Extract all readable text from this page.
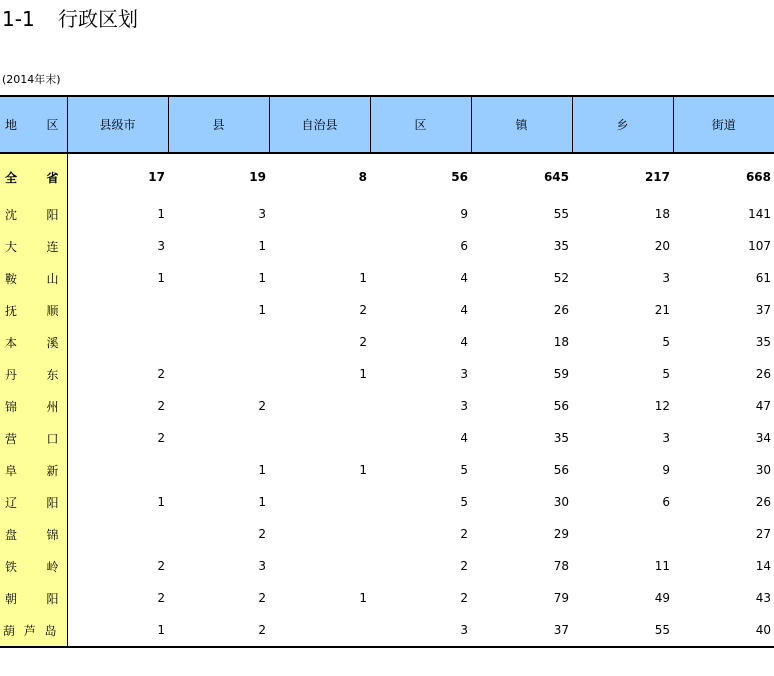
1-1 行政区划
(2014年末)
地 区	县级市	县	自治县	区	镇	乡	街道

全 省	17	19	8	56	645	217	668

沈 阳	1	3		9	55	18	141

大 连	3	1		6	35	20	107

鞍 山	1	1	1	4	52	3	61

抚 顺		1	2	4	26	21	37

本 溪			2	4	18	5	35

丹 东	2		1	3	59	5	26

锦 州	2	2		3	56	12	47

营 口	2			4	35	3	34

阜 新		1	1	5	56	9	30

辽 阳	1	1		5	30	6	26

盘 锦		2		2	29		27

铁 岭	2	3		2	78	11	14

朝 阳	2	2	1	2	79	49	43

葫 芦 岛	1	2		3	37	55	40
